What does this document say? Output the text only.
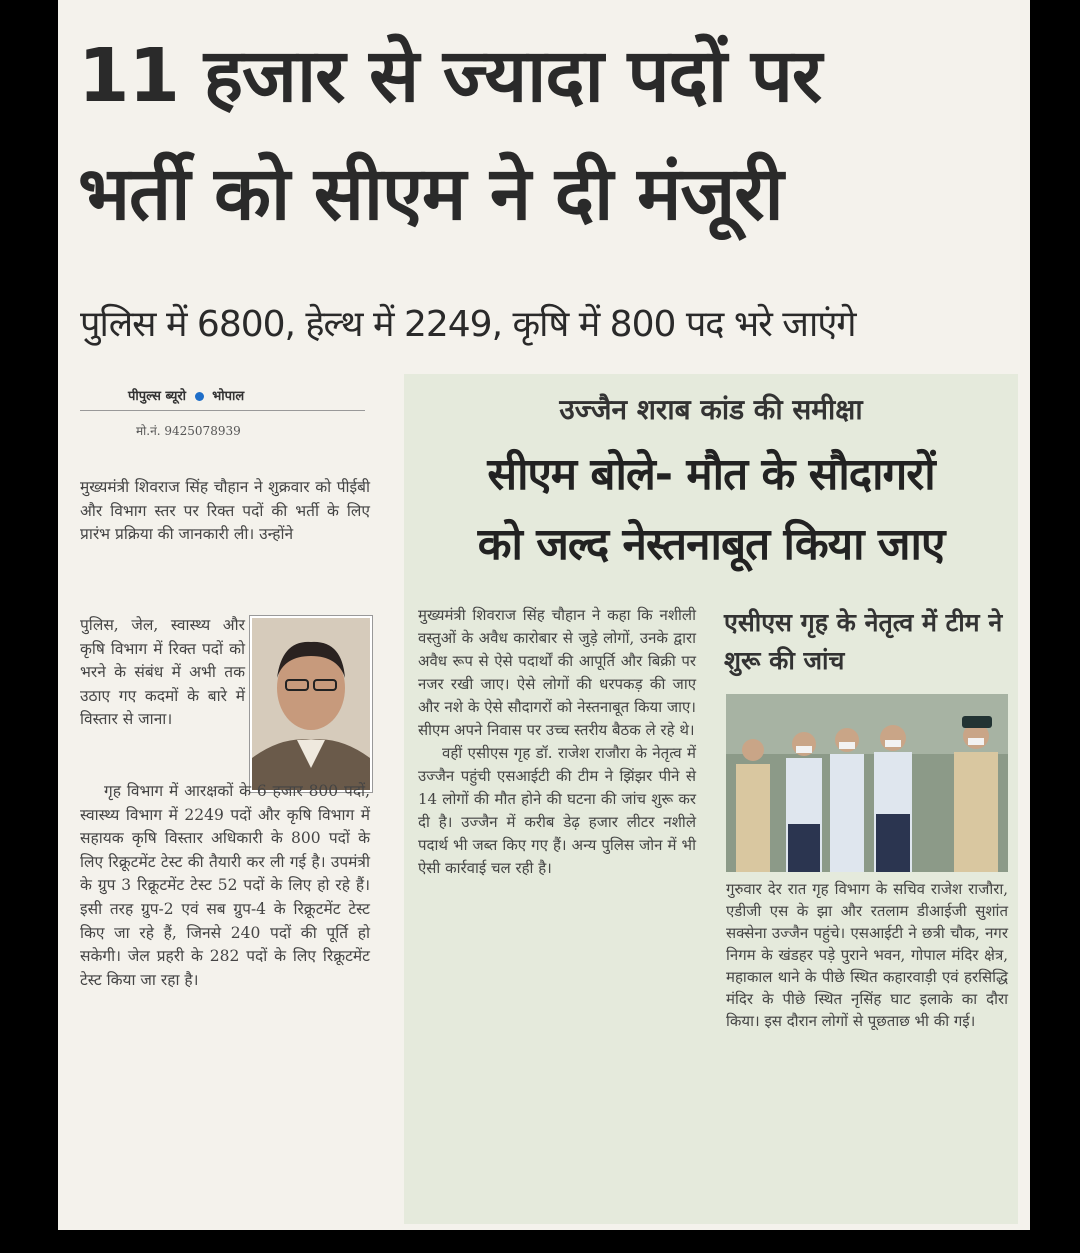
11 हजार से ज्यादा पदों पर
भर्ती को सीएम ने दी मंजूरी
पुलिस में 6800, हेल्थ में 2249, कृषि में 800 पद भरे जाएंगे
पीपुल्स ब्यूरो भोपाल
मो.नं. 9425078939

मुख्यमंत्री शिवराज सिंह चौहान ने शुक्रवार को पीईबी और विभाग स्तर पर रिक्त पदों की भर्ती के लिए प्रारंभ प्रक्रिया की जानकारी ली। उन्होंने

पुलिस, जेल, स्वास्थ्य और कृषि विभाग में रिक्त पदों को भरने के संबंध में अभी तक उठाए गए कदमों के बारे में विस्तार से जाना।

गृह विभाग में आरक्षकों के 6 हजार 800 पदों, स्वास्थ्य विभाग में 2249 पदों और कृषि विभाग में सहायक कृषि विस्तार अधिकारी के 800 पदों के लिए रिक्रूटमेंट टेस्ट की तैयारी कर ली गई है। उपमंत्री के ग्रुप 3 रिक्रूटमेंट टेस्ट 52 पदों के लिए हो रहे हैं। इसी तरह ग्रुप-2 एवं सब ग्रुप-4 के रिक्रूटमेंट टेस्ट किए जा रहे हैं, जिनसे 240 पदों की पूर्ति हो सकेगी। जेल प्रहरी के 282 पदों के लिए रिक्रूटमेंट टेस्ट किया जा रहा है।

उज्जैन शराब कांड की समीक्षा
सीएम बोले- मौत के सौदागरों
को जल्द नेस्तनाबूत किया जाए

मुख्यमंत्री शिवराज सिंह चौहान ने कहा कि नशीली वस्तुओं के अवैध कारोबार से जुड़े लोगों, उनके द्वारा अवैध रूप से ऐसे पदार्थों की आपूर्ति और बिक्री पर नजर रखी जाए। ऐसे लोगों की धरपकड़ की जाए और नशे के ऐसे सौदागरों को नेस्तनाबूत किया जाए। सीएम अपने निवास पर उच्च स्तरीय बैठक ले रहे थे।

वहीं एसीएस गृह डॉ. राजेश राजौरा के नेतृत्व में उज्जैन पहुंची एसआईटी की टीम ने झिंझर पीने से 14 लोगों की मौत होने की घटना की जांच शुरू कर दी है। उज्जैन में करीब डेढ़ हजार लीटर नशीले पदार्थ भी जब्त किए गए हैं। अन्य पुलिस जोन में भी ऐसी कार्रवाई चल रही है।

एसीएस गृह के नेतृत्व में टीम ने शुरू की जांच

गुरुवार देर रात गृह विभाग के सचिव राजेश राजौरा, एडीजी एस के झा और रतलाम डीआईजी सुशांत सक्सेना उज्जैन पहुंचे। एसआईटी ने छत्री चौक, नगर निगम के खंडहर पड़े पुराने भवन, गोपाल मंदिर क्षेत्र, महाकाल थाने के पीछे स्थित कहारवाड़ी एवं हरसिद्धि मंदिर के पीछे स्थित नृसिंह घाट इलाके का दौरा किया। इस दौरान लोगों से पूछताछ भी की गई।
